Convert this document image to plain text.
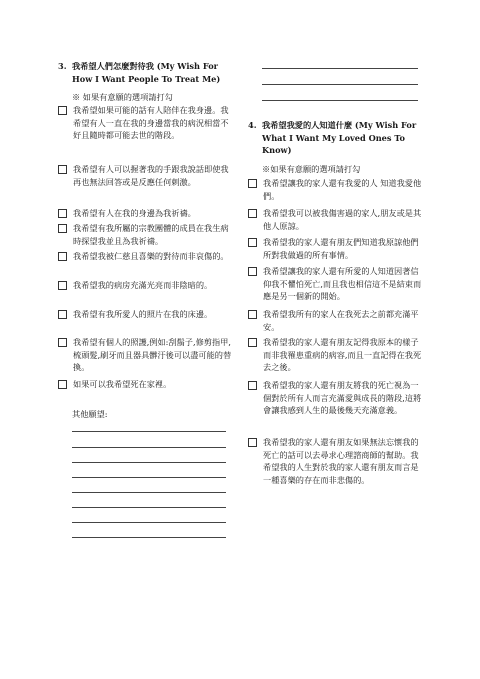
3. 我希望人們怎麼對待我 (My Wish For How I Want People To Treat Me)
※ 如果有意願的選項請打勾
我希望如果可能的話有人陪伴在我身邊。我希望有人一直在我的身邊當我的病況相當不好且隨時都可能去世的階段。
我希望有人可以握著我的手跟我說話即使我再也無法回答或是反應任何刺激。
我希望有人在我的身邊為我祈禱。
我希望有我所屬的宗教團體的成員在我生病時探望我並且為我祈禱。
我希望我被仁慈且喜樂的對待而非哀傷的。
我希望我的病房充滿光亮而非陰暗的。
我希望有我所愛人的照片在我的床邊。
我希望有個人的照護,例如:刮鬍子,修剪指甲,梳頭髮,刷牙而且器具髒汙後可以盡可能的替換。
如果可以我希望死在家裡。
其他願望:
4. 我希望我愛的人知道什麼 (My Wish For What I Want My Loved Ones To Know)
※如果有意願的選項請打勾
我希望讓我的家人還有我愛的人 知道我愛他們。
我希望我可以被我傷害過的家人,朋友或是其他人原諒。
我希望我的家人還有朋友們知道我原諒他們所對我做過的所有事情。
我希望讓我的家人還有所愛的人知道因著信仰我不懼怕死亡,而且我也相信這不是結束而應是另一個新的開始。
我希望我所有的家人在我死去之前都充滿平安。
我希望我的家人還有朋友記得我原本的樣子而非我罹患重病的病容,而且一直記得在我死去之後。
我希望我的家人還有朋友將我的死亡視為一個對於所有人而言充滿愛與成長的階段,這將會讓我感到人生的最後幾天充滿意義。
我希望我的家人還有朋友如果無法忘懷我的死亡的話可以去尋求心理諮商師的幫助。我希望我的人生對於我的家人還有朋友而言是一種喜樂的存在而非悲傷的。
